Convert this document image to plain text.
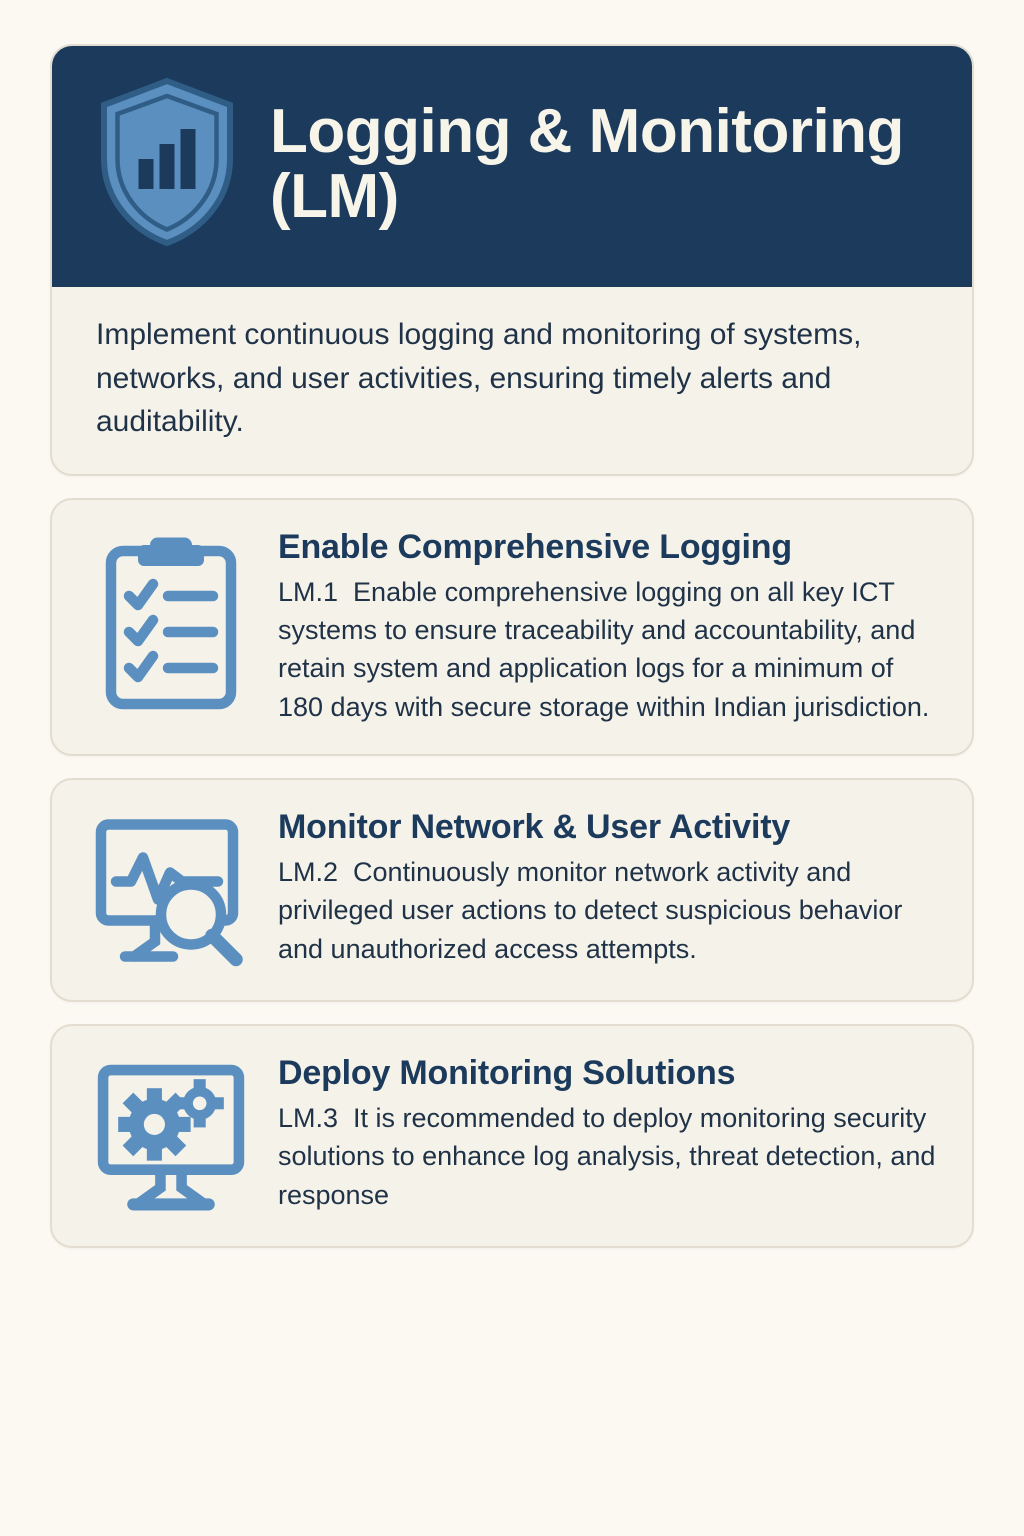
Logging & Monitoring (LM)
Implement continuous logging and monitoring of systems, networks, and user activities, ensuring timely alerts and auditability.
Enable Comprehensive Logging
LM.1 Enable comprehensive logging on all key ICT systems to ensure traceability and accountability, and retain system and application logs for a minimum of 180 days with secure storage within Indian jurisdiction.
Monitor Network & User Activity
LM.2 Continuously monitor network activity and privileged user actions to detect suspicious behavior and unauthorized access attempts.
Deploy Monitoring Solutions
LM.3 It is recommended to deploy monitoring security solutions to enhance log analysis, threat detection, and response
